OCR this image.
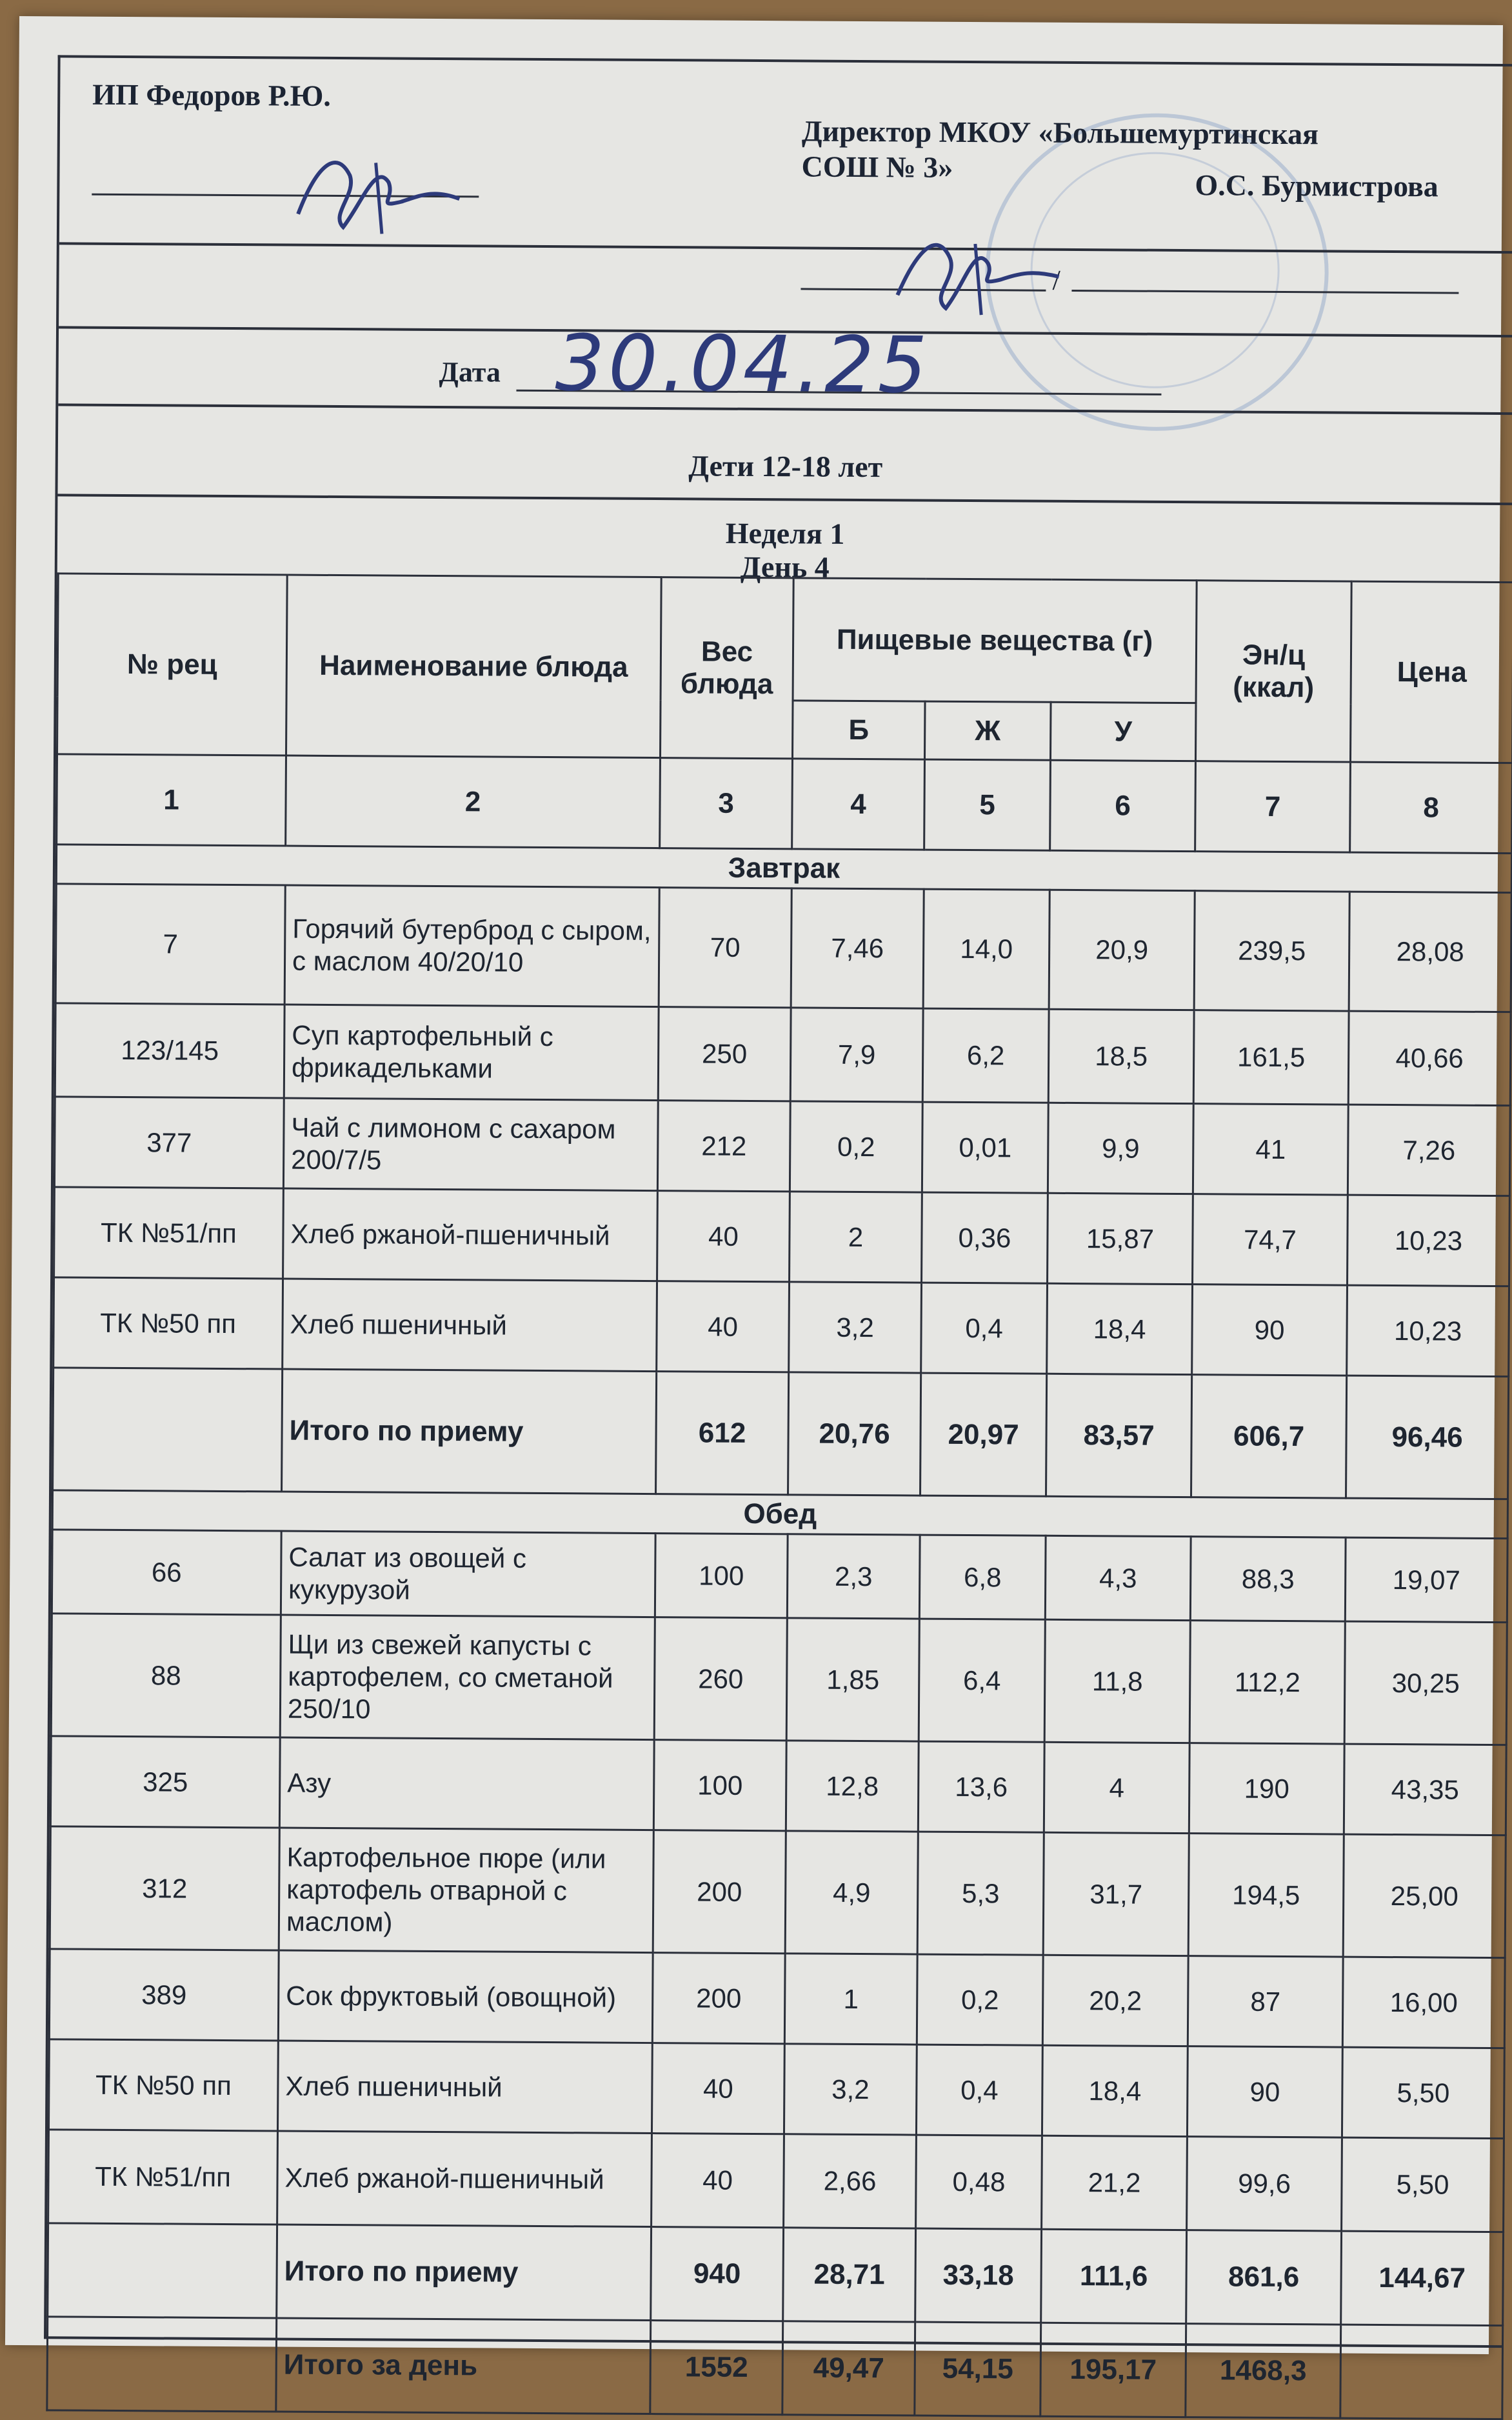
ИП Федоров Р.Ю.
Директор МКОУ «Большемуртинская
СОШ № 3»
О.С. Бурмистрова
/
Дата 30.04.25
Дети 12-18 лет
Неделя 1
День 4
№ рец	Наименование блюда	Вес блюда	Пищевые вещества (г)			Эн/ц (ккал)	Цена
			Б	Ж	У		
1	2	3	4	5	6	7	8
Завтрак							
7	Горячий бутерброд с сыром, с маслом 40/20/10	70	7,46	14,0	20,9	239,5	28,08
123/145	Суп картофельный с фрикадельками	250	7,9	6,2	18,5	161,5	40,66
377	Чай с лимоном с сахаром 200/7/5	212	0,2	0,01	9,9	41	7,26
ТК №51/пп	Хлеб ржаной-пшеничный	40	2	0,36	15,87	74,7	10,23
ТК №50 пп	Хлеб пшеничный	40	3,2	0,4	18,4	90	10,23
	Итого по приему	612	20,76	20,97	83,57	606,7	96,46
Обед							
66	Салат из овощей с кукурузой	100	2,3	6,8	4,3	88,3	19,07
88	Щи из свежей капусты с картофелем, со сметаной 250/10	260	1,85	6,4	11,8	112,2	30,25
325	Азу	100	12,8	13,6	4	190	43,35
312	Картофельное пюре (или картофель отварной с маслом)	200	4,9	5,3	31,7	194,5	25,00
389	Сок фруктовый (овощной)	200	1	0,2	20,2	87	16,00
ТК №50 пп	Хлеб пшеничный	40	3,2	0,4	18,4	90	5,50
ТК №51/пп	Хлеб ржаной-пшеничный	40	2,66	0,48	21,2	99,6	5,50
	Итого по приему	940	28,71	33,18	111,6	861,6	144,67
	Итого за день	1552	49,47	54,15	195,17	1468,3	
